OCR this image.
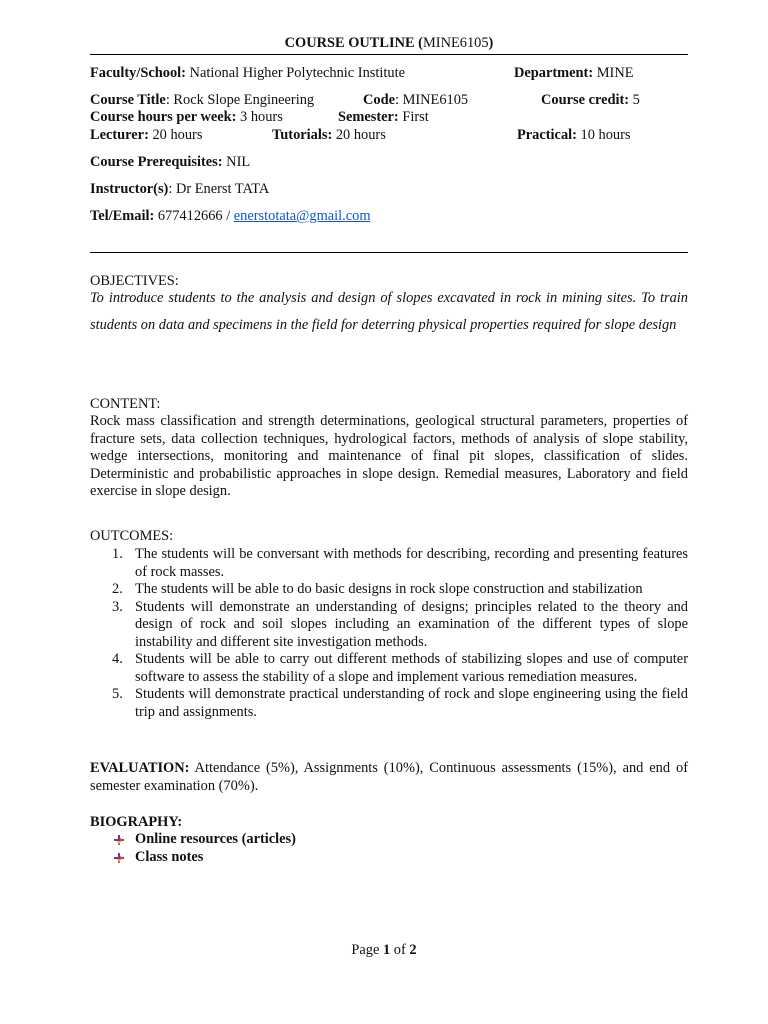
COURSE OUTLINE (MINE6105)
Faculty/School: National Higher Polytechnic Institute	Department: MINE
Course Title: Rock Slope Engineering	Code: MINE6105	Course credit: 5
Course hours per week: 3 hours	Semester: First
Lecturer: 20 hours	Tutorials: 20 hours	Practical: 10 hours
Course Prerequisites: NIL
Instructor(s): Dr Enerst TATA
Tel/Email: 677412666 / enerstotata@gmail.com
OBJECTIVES:
To introduce students to the analysis and design of slopes excavated in rock in mining sites. To train students on data and specimens in the field for deterring physical properties required for slope design
CONTENT:
Rock mass classification and strength determinations, geological structural parameters, properties of fracture sets, data collection techniques, hydrological factors, methods of analysis of slope stability, wedge intersections, monitoring and maintenance of final pit slopes, classification of slides. Deterministic and probabilistic approaches in slope design. Remedial measures, Laboratory and field exercise in slope design.
OUTCOMES:
1. The students will be conversant with methods for describing, recording and presenting features of rock masses.
2. The students will be able to do basic designs in rock slope construction and stabilization
3. Students will demonstrate an understanding of designs; principles related to the theory and design of rock and soil slopes including an examination of the different types of slope instability and different site investigation methods.
4. Students will be able to carry out different methods of stabilizing slopes and use of computer software to assess the stability of a slope and implement various remediation measures.
5. Students will demonstrate practical understanding of rock and slope engineering using the field trip and assignments.
EVALUATION: Attendance (5%), Assignments (10%), Continuous assessments (15%), and end of semester examination (70%).
BIOGRAPHY:
Online resources (articles)
Class notes
Page 1 of 2
